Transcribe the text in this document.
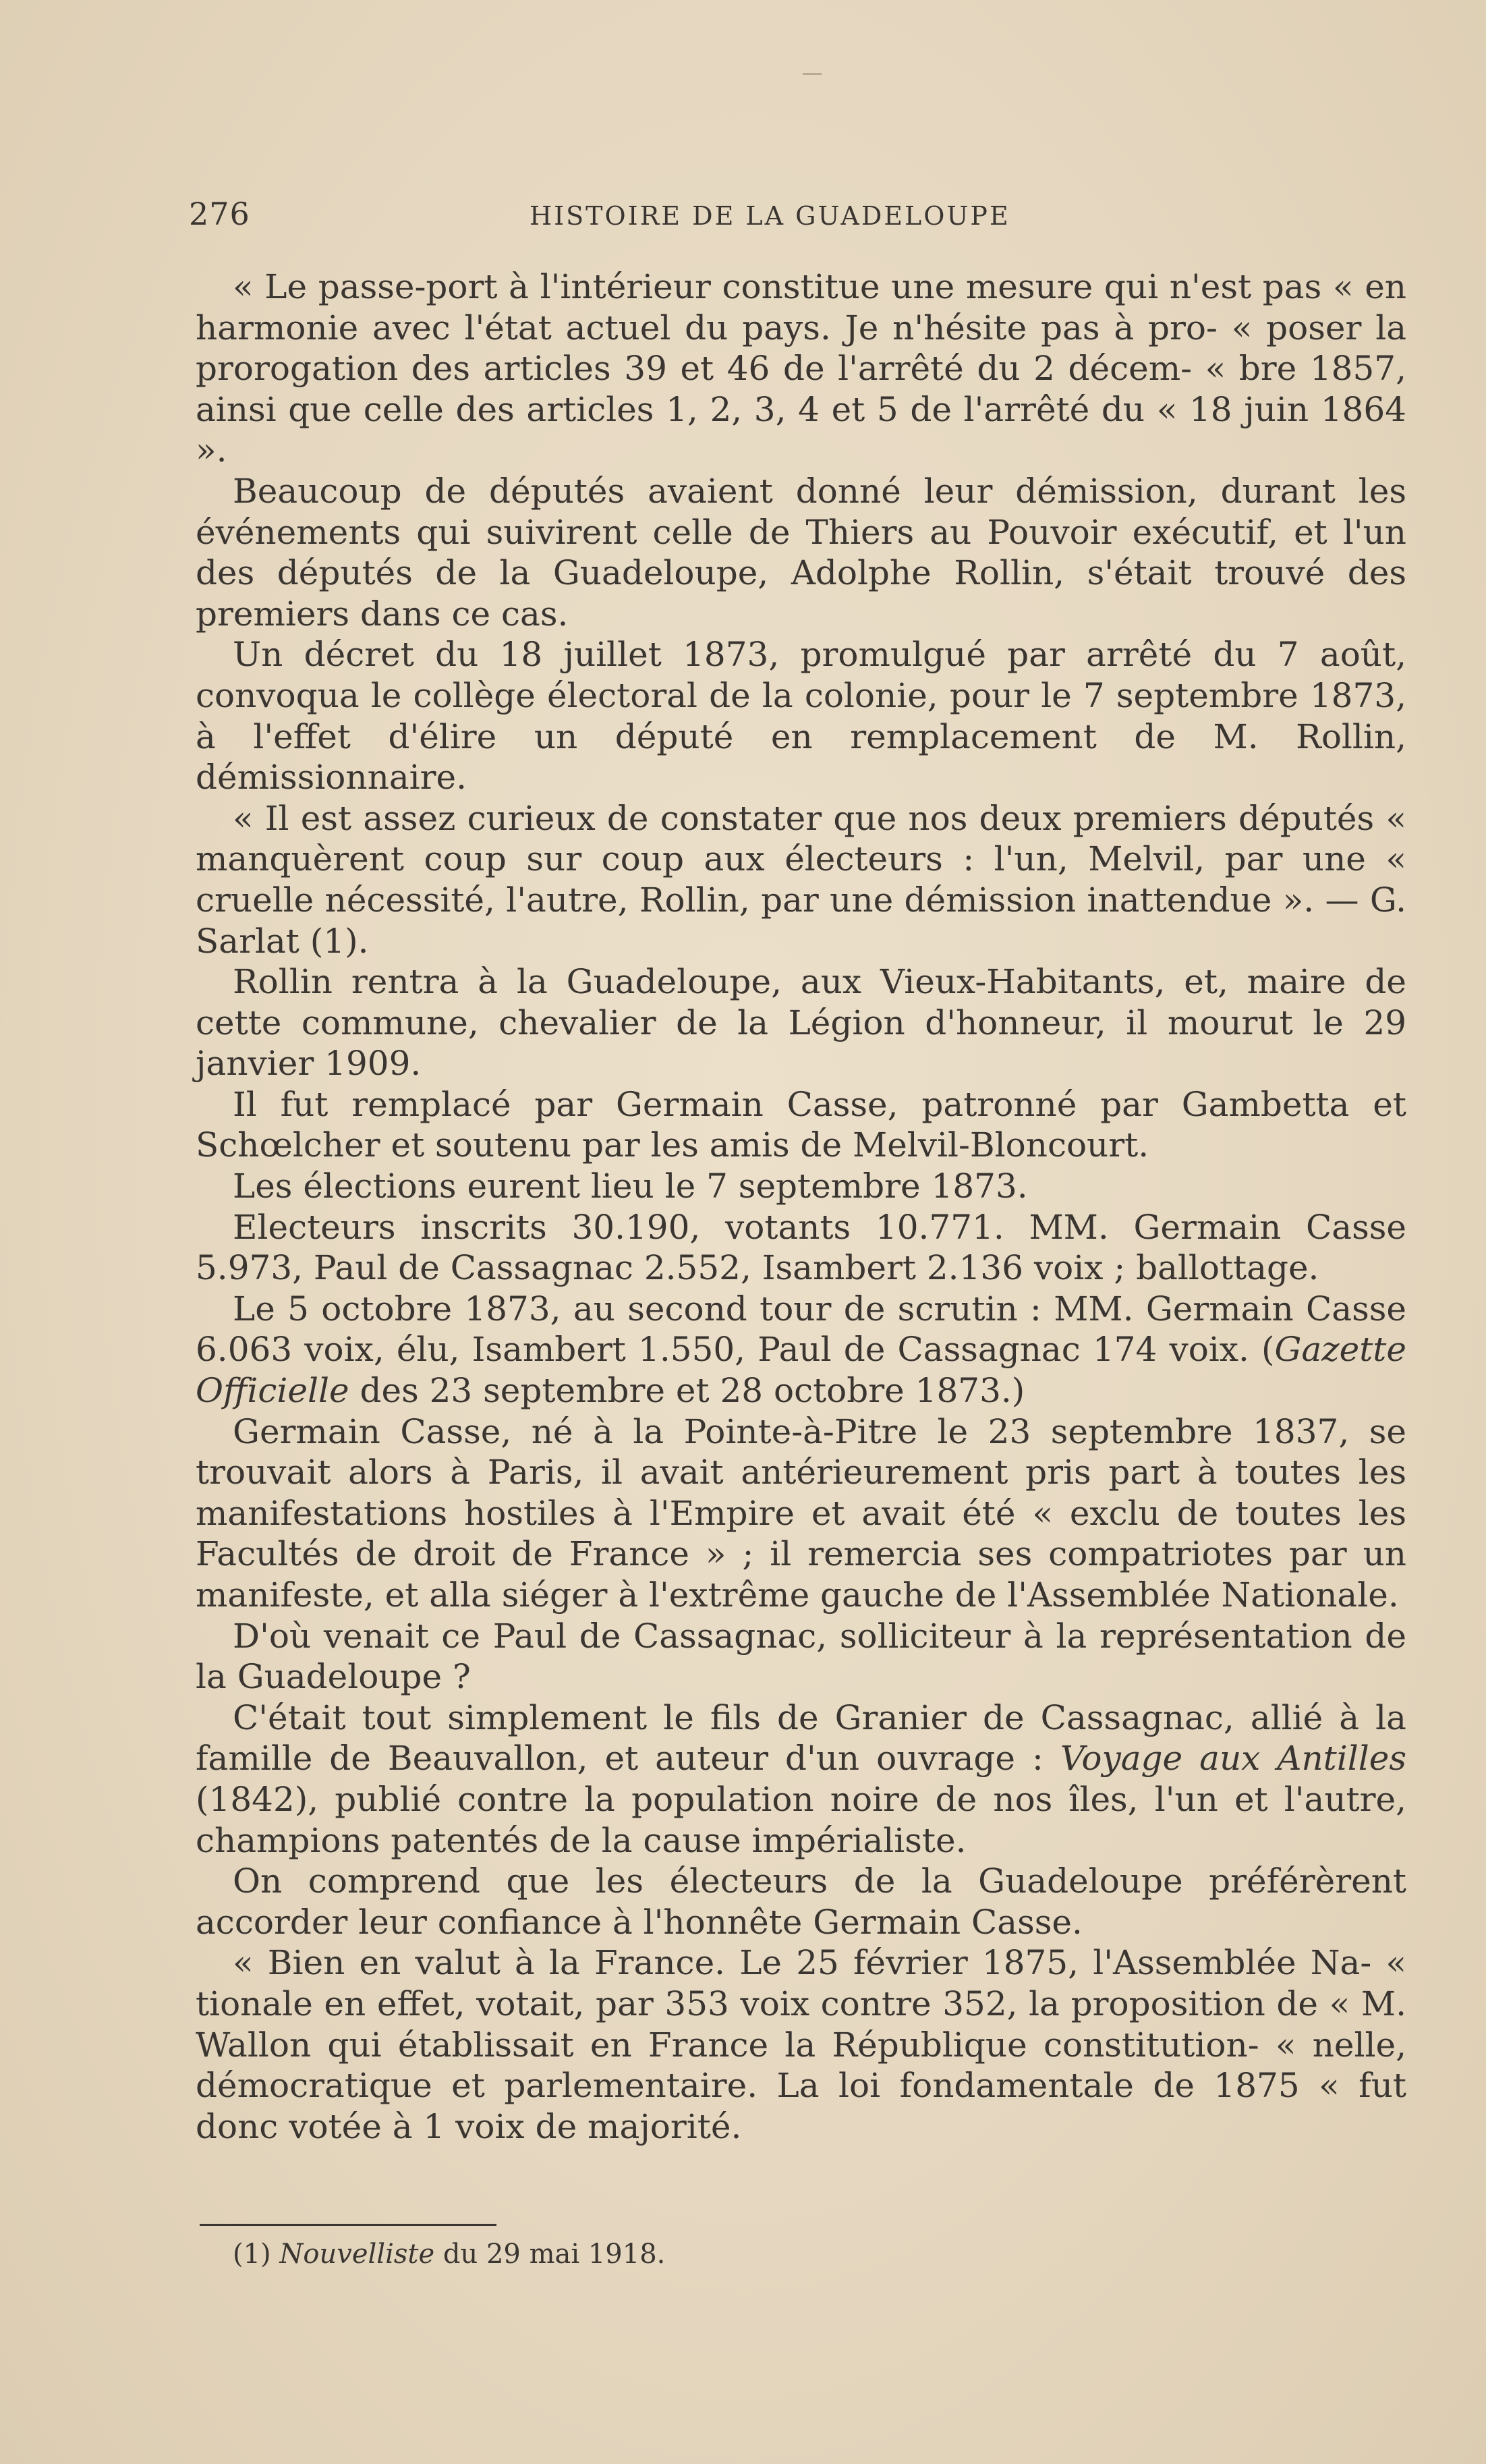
276	HISTOIRE DE LA GUADELOUPE

« Le passe-port à l'intérieur constitue une mesure qui n'est pas « en harmonie avec l'état actuel du pays. Je n'hésite pas à pro- « poser la prorogation des articles 39 et 46 de l'arrêté du 2 décem- « bre 1857, ainsi que celle des articles 1, 2, 3, 4 et 5 de l'arrêté du « 18 juin 1864 ».

Beaucoup de députés avaient donné leur démission, durant les événements qui suivirent celle de Thiers au Pouvoir exécutif, et l'un des députés de la Guadeloupe, Adolphe Rollin, s'était trouvé des premiers dans ce cas.

Un décret du 18 juillet 1873, promulgué par arrêté du 7 août, convoqua le collège électoral de la colonie, pour le 7 septembre 1873, à l'effet d'élire un député en remplacement de M. Rollin, démissionnaire.

« Il est assez curieux de constater que nos deux premiers députés « manquèrent coup sur coup aux électeurs : l'un, Melvil, par une « cruelle nécessité, l'autre, Rollin, par une démission inattendue ». — G. Sarlat (1).

Rollin rentra à la Guadeloupe, aux Vieux-Habitants, et, maire de cette commune, chevalier de la Légion d'honneur, il mourut le 29 janvier 1909.

Il fut remplacé par Germain Casse, patronné par Gambetta et Schœlcher et soutenu par les amis de Melvil-Bloncourt.

Les élections eurent lieu le 7 septembre 1873.

Electeurs inscrits 30.190, votants 10.771. MM. Germain Casse 5.973, Paul de Cassagnac 2.552, Isambert 2.136 voix ; ballottage.

Le 5 octobre 1873, au second tour de scrutin : MM. Germain Casse 6.063 voix, élu, Isambert 1.550, Paul de Cassagnac 174 voix. (Gazette Officielle des 23 septembre et 28 octobre 1873.)

Germain Casse, né à la Pointe-à-Pitre le 23 septembre 1837, se trouvait alors à Paris, il avait antérieurement pris part à toutes les manifestations hostiles à l'Empire et avait été « exclu de toutes les Facultés de droit de France » ; il remercia ses compatriotes par un manifeste, et alla siéger à l'extrême gauche de l'Assemblée Nationale.

D'où venait ce Paul de Cassagnac, solliciteur à la représentation de la Guadeloupe ?

C'était tout simplement le fils de Granier de Cassagnac, allié à la famille de Beauvallon, et auteur d'un ouvrage : Voyage aux Antilles (1842), publié contre la population noire de nos îles, l'un et l'autre, champions patentés de la cause impérialiste.

On comprend que les électeurs de la Guadeloupe préférèrent accorder leur confiance à l'honnête Germain Casse.

« Bien en valut à la France. Le 25 février 1875, l'Assemblée Na- « tionale en effet, votait, par 353 voix contre 352, la proposition de « M. Wallon qui établissait en France la République constitution- « nelle, démocratique et parlementaire. La loi fondamentale de 1875 « fut donc votée à 1 voix de majorité.

(1) Nouvelliste du 29 mai 1918.
